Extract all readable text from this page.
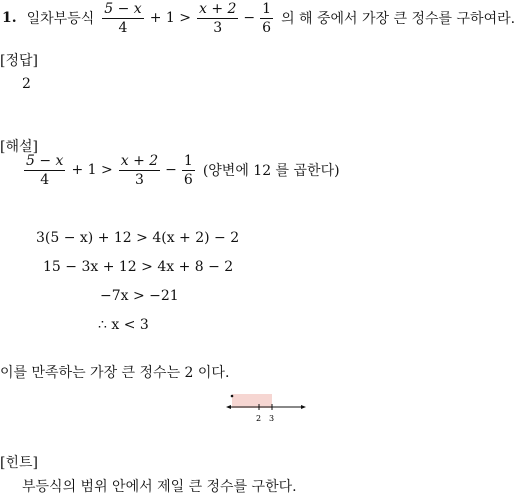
1. 일차부등식 $\frac{5 - x}{4} + 1 > \frac{x + 2}{3} - \frac{1}{6}$ 의 해 중에서 가장 큰 정수를 구하여라.
[정답]
2
[해설]
$\frac{5 - x}{4} + 1 > \frac{x + 2}{3} - \frac{1}{6}$ (양변에 12 를 곱한다)
3(5 − x) + 12 > 4(x + 2) − 2
15 − 3x + 12 > 4x + 8 − 2
−7x > −21
∴ x < 3
이를 만족하는 가장 큰 정수는 2 이다.
2 3
[힌트]
부등식의 범위 안에서 제일 큰 정수를 구한다.
